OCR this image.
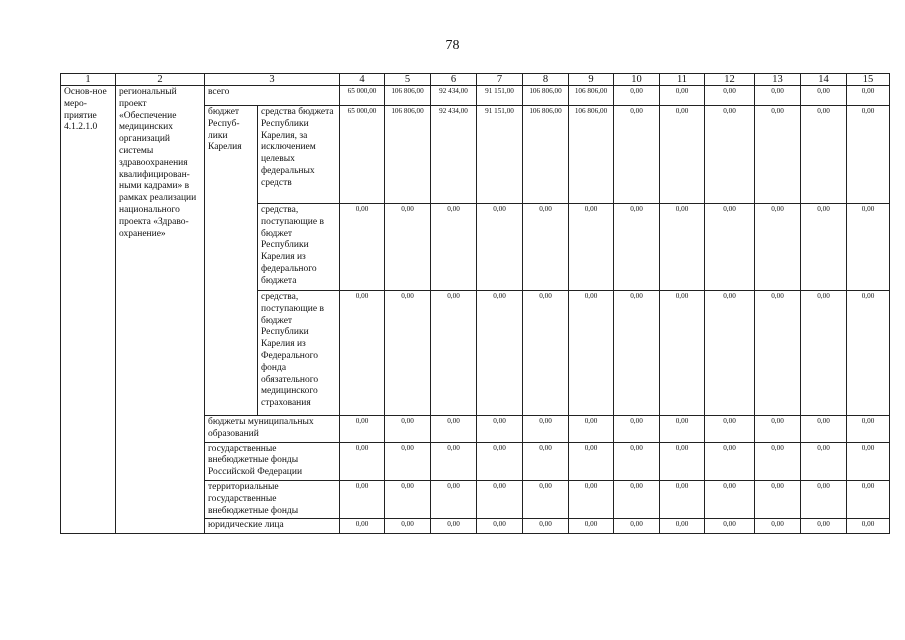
78
1	2	3		4	5	6	7	8	9	10	11	12	13	14	15
Основ-ное меро-приятие 4.1.2.1.0	региональный проект «Обеспечение медицинских организаций системы здравоохранения квалифицирован-ными кадрами» в рамках реализации национального проекта «Здраво-охранение»	всего		65 000,00	106 806,00	92 434,00	91 151,00	106 806,00	106 806,00	0,00	0,00	0,00	0,00	0,00	0,00
		бюджет Респуб-лики Карелия	средства бюджета Республики Карелия, за исключением целевых федеральных средств	65 000,00	106 806,00	92 434,00	91 151,00	106 806,00	106 806,00	0,00	0,00	0,00	0,00	0,00	0,00
			средства, поступающие в бюджет Республики Карелия из федерального бюджета	0,00	0,00	0,00	0,00	0,00	0,00	0,00	0,00	0,00	0,00	0,00	0,00
			средства, поступающие в бюджет Республики Карелия из Федерального фонда обязательного медицинского страхования	0,00	0,00	0,00	0,00	0,00	0,00	0,00	0,00	0,00	0,00	0,00	0,00
		бюджеты муниципальных образований		0,00	0,00	0,00	0,00	0,00	0,00	0,00	0,00	0,00	0,00	0,00	0,00
		государственные внебюджетные фонды Российской Федерации		0,00	0,00	0,00	0,00	0,00	0,00	0,00	0,00	0,00	0,00	0,00	0,00
		территориальные государственные внебюджетные фонды		0,00	0,00	0,00	0,00	0,00	0,00	0,00	0,00	0,00	0,00	0,00	0,00
		юридические лица		0,00	0,00	0,00	0,00	0,00	0,00	0,00	0,00	0,00	0,00	0,00	0,00
